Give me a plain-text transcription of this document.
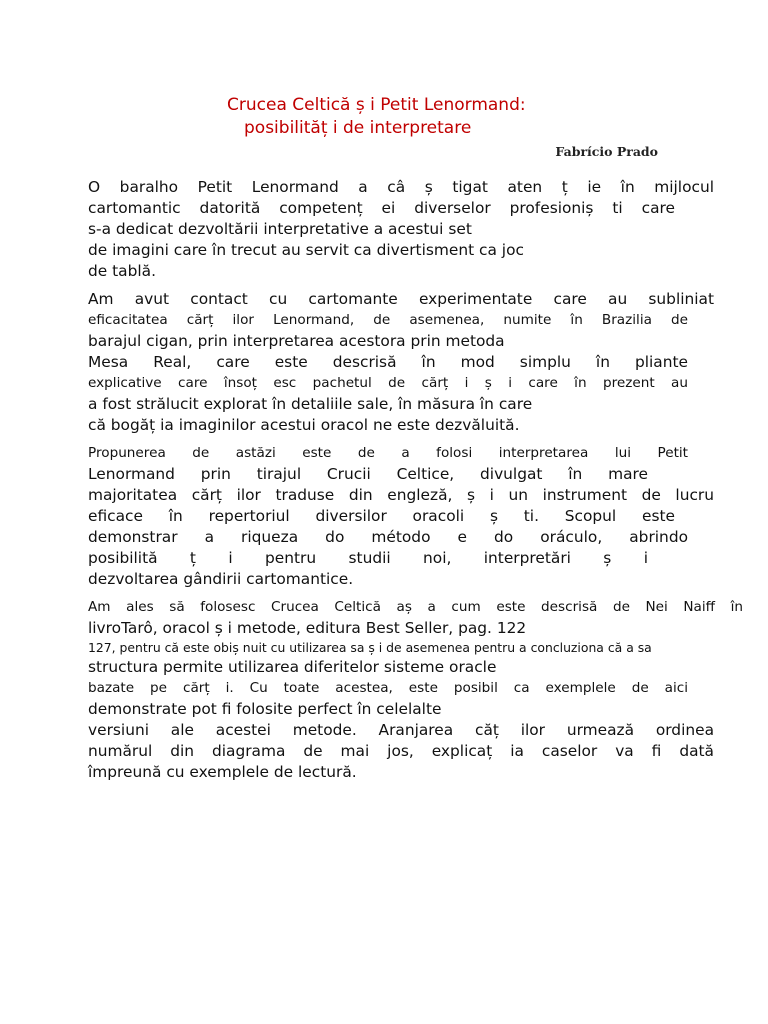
Crucea Celtică ș i Petit Lenormand:
posibilităț i de interpretare
Fabrício Prado
O baralho Petit Lenormand a câ ș tigat aten ț ie în mijlocul
cartomantic datorită competenț ei diverselor profesioniș ti care
s-a dedicat dezvoltării interpretative a acestui set
de imagini care în trecut au servit ca divertisment ca joc
de tablă.
Am avut contact cu cartomante experimentate care au subliniat
eficacitatea cărț ilor Lenormand, de asemenea, numite în Brazilia de
barajul cigan, prin interpretarea acestora prin metoda
Mesa Real, care este descrisă în mod simplu în pliante
explicative care însoț esc pachetul de cărț i ș i care în prezent au
a fost strălucit explorat în detaliile sale, în măsura în care
că bogăț ia imaginilor acestui oracol ne este dezvăluită.
Propunerea de astăzi este de a folosi interpretarea lui Petit
Lenormand prin tirajul Crucii Celtice, divulgat în mare
majoritatea cărț ilor traduse din engleză, ș i un instrument de lucru
eficace în repertoriul diversilor oracoli ș ti. Scopul este
demonstrar a riqueza do método e do oráculo, abrindo
posibilită ț i pentru studii noi, interpretări ș i
dezvoltarea gândirii cartomantice.
Am ales să folosesc Crucea Celtică aș a cum este descrisă de Nei Naiff în
livroTarô, oracol ș i metode, editura Best Seller, pag. 122
127, pentru că este obiș nuit cu utilizarea sa ș i de asemenea pentru a concluziona că a sa
structura permite utilizarea diferitelor sisteme oracle
bazate pe cărț i. Cu toate acestea, este posibil ca exemplele de aici
demonstrate pot fi folosite perfect în celelalte
versiuni ale acestei metode. Aranjarea căț ilor urmează ordinea
numărul din diagrama de mai jos, explicaț ia caselor va fi dată
împreună cu exemplele de lectură.
